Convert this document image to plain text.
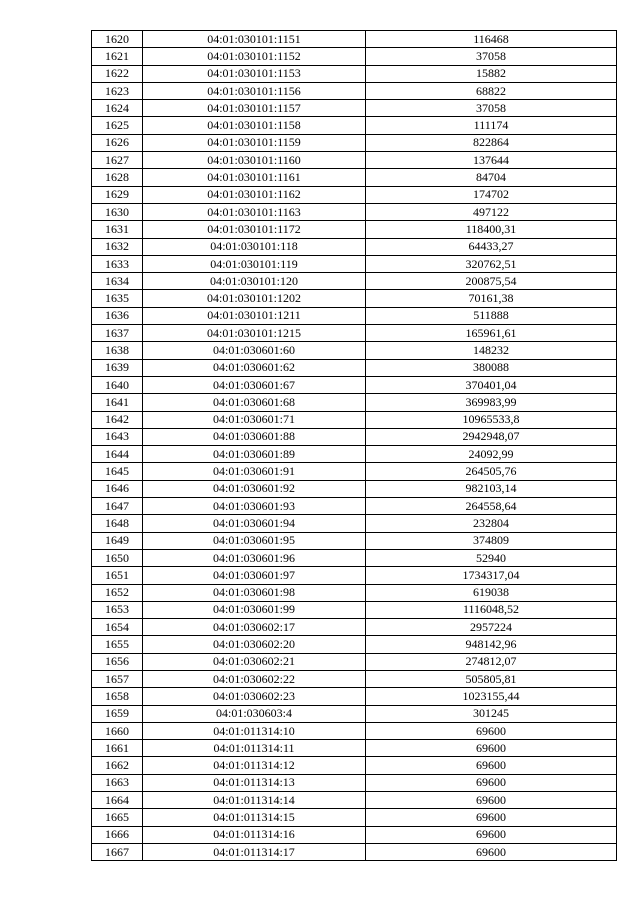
1620	04:01:030101:1151	116468
1621	04:01:030101:1152	37058
1622	04:01:030101:1153	15882
1623	04:01:030101:1156	68822
1624	04:01:030101:1157	37058
1625	04:01:030101:1158	111174
1626	04:01:030101:1159	822864
1627	04:01:030101:1160	137644
1628	04:01:030101:1161	84704
1629	04:01:030101:1162	174702
1630	04:01:030101:1163	497122
1631	04:01:030101:1172	118400,31
1632	04:01:030101:118	64433,27
1633	04:01:030101:119	320762,51
1634	04:01:030101:120	200875,54
1635	04:01:030101:1202	70161,38
1636	04:01:030101:1211	511888
1637	04:01:030101:1215	165961,61
1638	04:01:030601:60	148232
1639	04:01:030601:62	380088
1640	04:01:030601:67	370401,04
1641	04:01:030601:68	369983,99
1642	04:01:030601:71	10965533,8
1643	04:01:030601:88	2942948,07
1644	04:01:030601:89	24092,99
1645	04:01:030601:91	264505,76
1646	04:01:030601:92	982103,14
1647	04:01:030601:93	264558,64
1648	04:01:030601:94	232804
1649	04:01:030601:95	374809
1650	04:01:030601:96	52940
1651	04:01:030601:97	1734317,04
1652	04:01:030601:98	619038
1653	04:01:030601:99	1116048,52
1654	04:01:030602:17	2957224
1655	04:01:030602:20	948142,96
1656	04:01:030602:21	274812,07
1657	04:01:030602:22	505805,81
1658	04:01:030602:23	1023155,44
1659	04:01:030603:4	301245
1660	04:01:011314:10	69600
1661	04:01:011314:11	69600
1662	04:01:011314:12	69600
1663	04:01:011314:13	69600
1664	04:01:011314:14	69600
1665	04:01:011314:15	69600
1666	04:01:011314:16	69600
1667	04:01:011314:17	69600
